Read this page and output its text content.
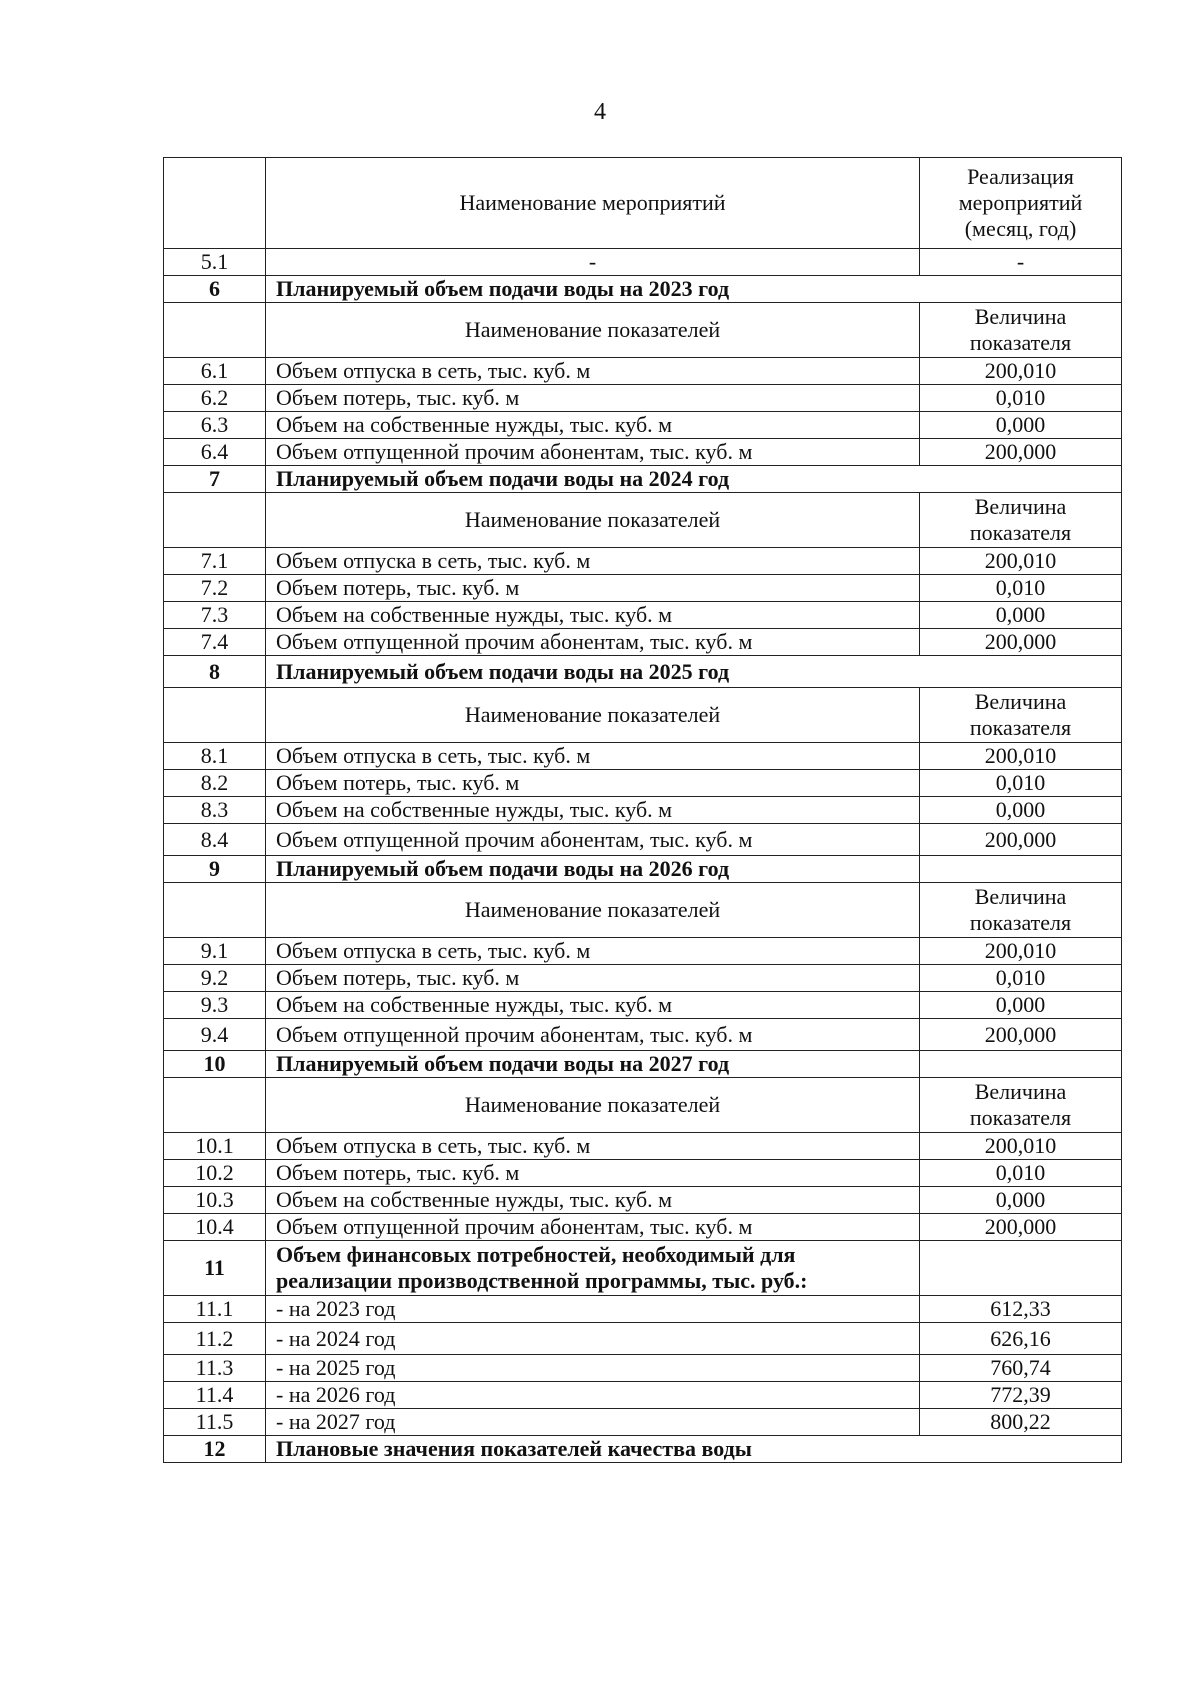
4
	Наименование мероприятий	Реализация мероприятий (месяц, год)
5.1	-	-
6	Планируемый объем подачи воды на 2023 год	
	Наименование показателей	Величина показателя
6.1	Объем отпуска в сеть, тыс. куб. м	200,010
6.2	Объем потерь, тыс. куб. м	0,010
6.3	Объем на собственные нужды, тыс. куб. м	0,000
6.4	Объем отпущенной прочим абонентам, тыс. куб. м	200,000
7	Планируемый объем подачи воды на 2024 год	
	Наименование показателей	Величина показателя
7.1	Объем отпуска в сеть, тыс. куб. м	200,010
7.2	Объем потерь, тыс. куб. м	0,010
7.3	Объем на собственные нужды, тыс. куб. м	0,000
7.4	Объем отпущенной прочим абонентам, тыс. куб. м	200,000
8	Планируемый объем подачи воды на 2025 год	
	Наименование показателей	Величина показателя
8.1	Объем отпуска в сеть, тыс. куб. м	200,010
8.2	Объем потерь, тыс. куб. м	0,010
8.3	Объем на собственные нужды, тыс. куб. м	0,000
8.4	Объем отпущенной прочим абонентам, тыс. куб. м	200,000
9	Планируемый объем подачи воды на 2026 год	
	Наименование показателей	Величина показателя
9.1	Объем отпуска в сеть, тыс. куб. м	200,010
9.2	Объем потерь, тыс. куб. м	0,010
9.3	Объем на собственные нужды, тыс. куб. м	0,000
9.4	Объем отпущенной прочим абонентам, тыс. куб. м	200,000
10	Планируемый объем подачи воды на 2027 год	
	Наименование показателей	Величина показателя
10.1	Объем отпуска в сеть, тыс. куб. м	200,010
10.2	Объем потерь, тыс. куб. м	0,010
10.3	Объем на собственные нужды, тыс. куб. м	0,000
10.4	Объем отпущенной прочим абонентам, тыс. куб. м	200,000
11	Объем финансовых потребностей, необходимый для реализации производственной программы, тыс. руб.:	
11.1	- на 2023 год	612,33
11.2	- на 2024 год	626,16
11.3	- на 2025 год	760,74
11.4	- на 2026 год	772,39
11.5	- на 2027 год	800,22
12	Плановые значения показателей качества воды	
